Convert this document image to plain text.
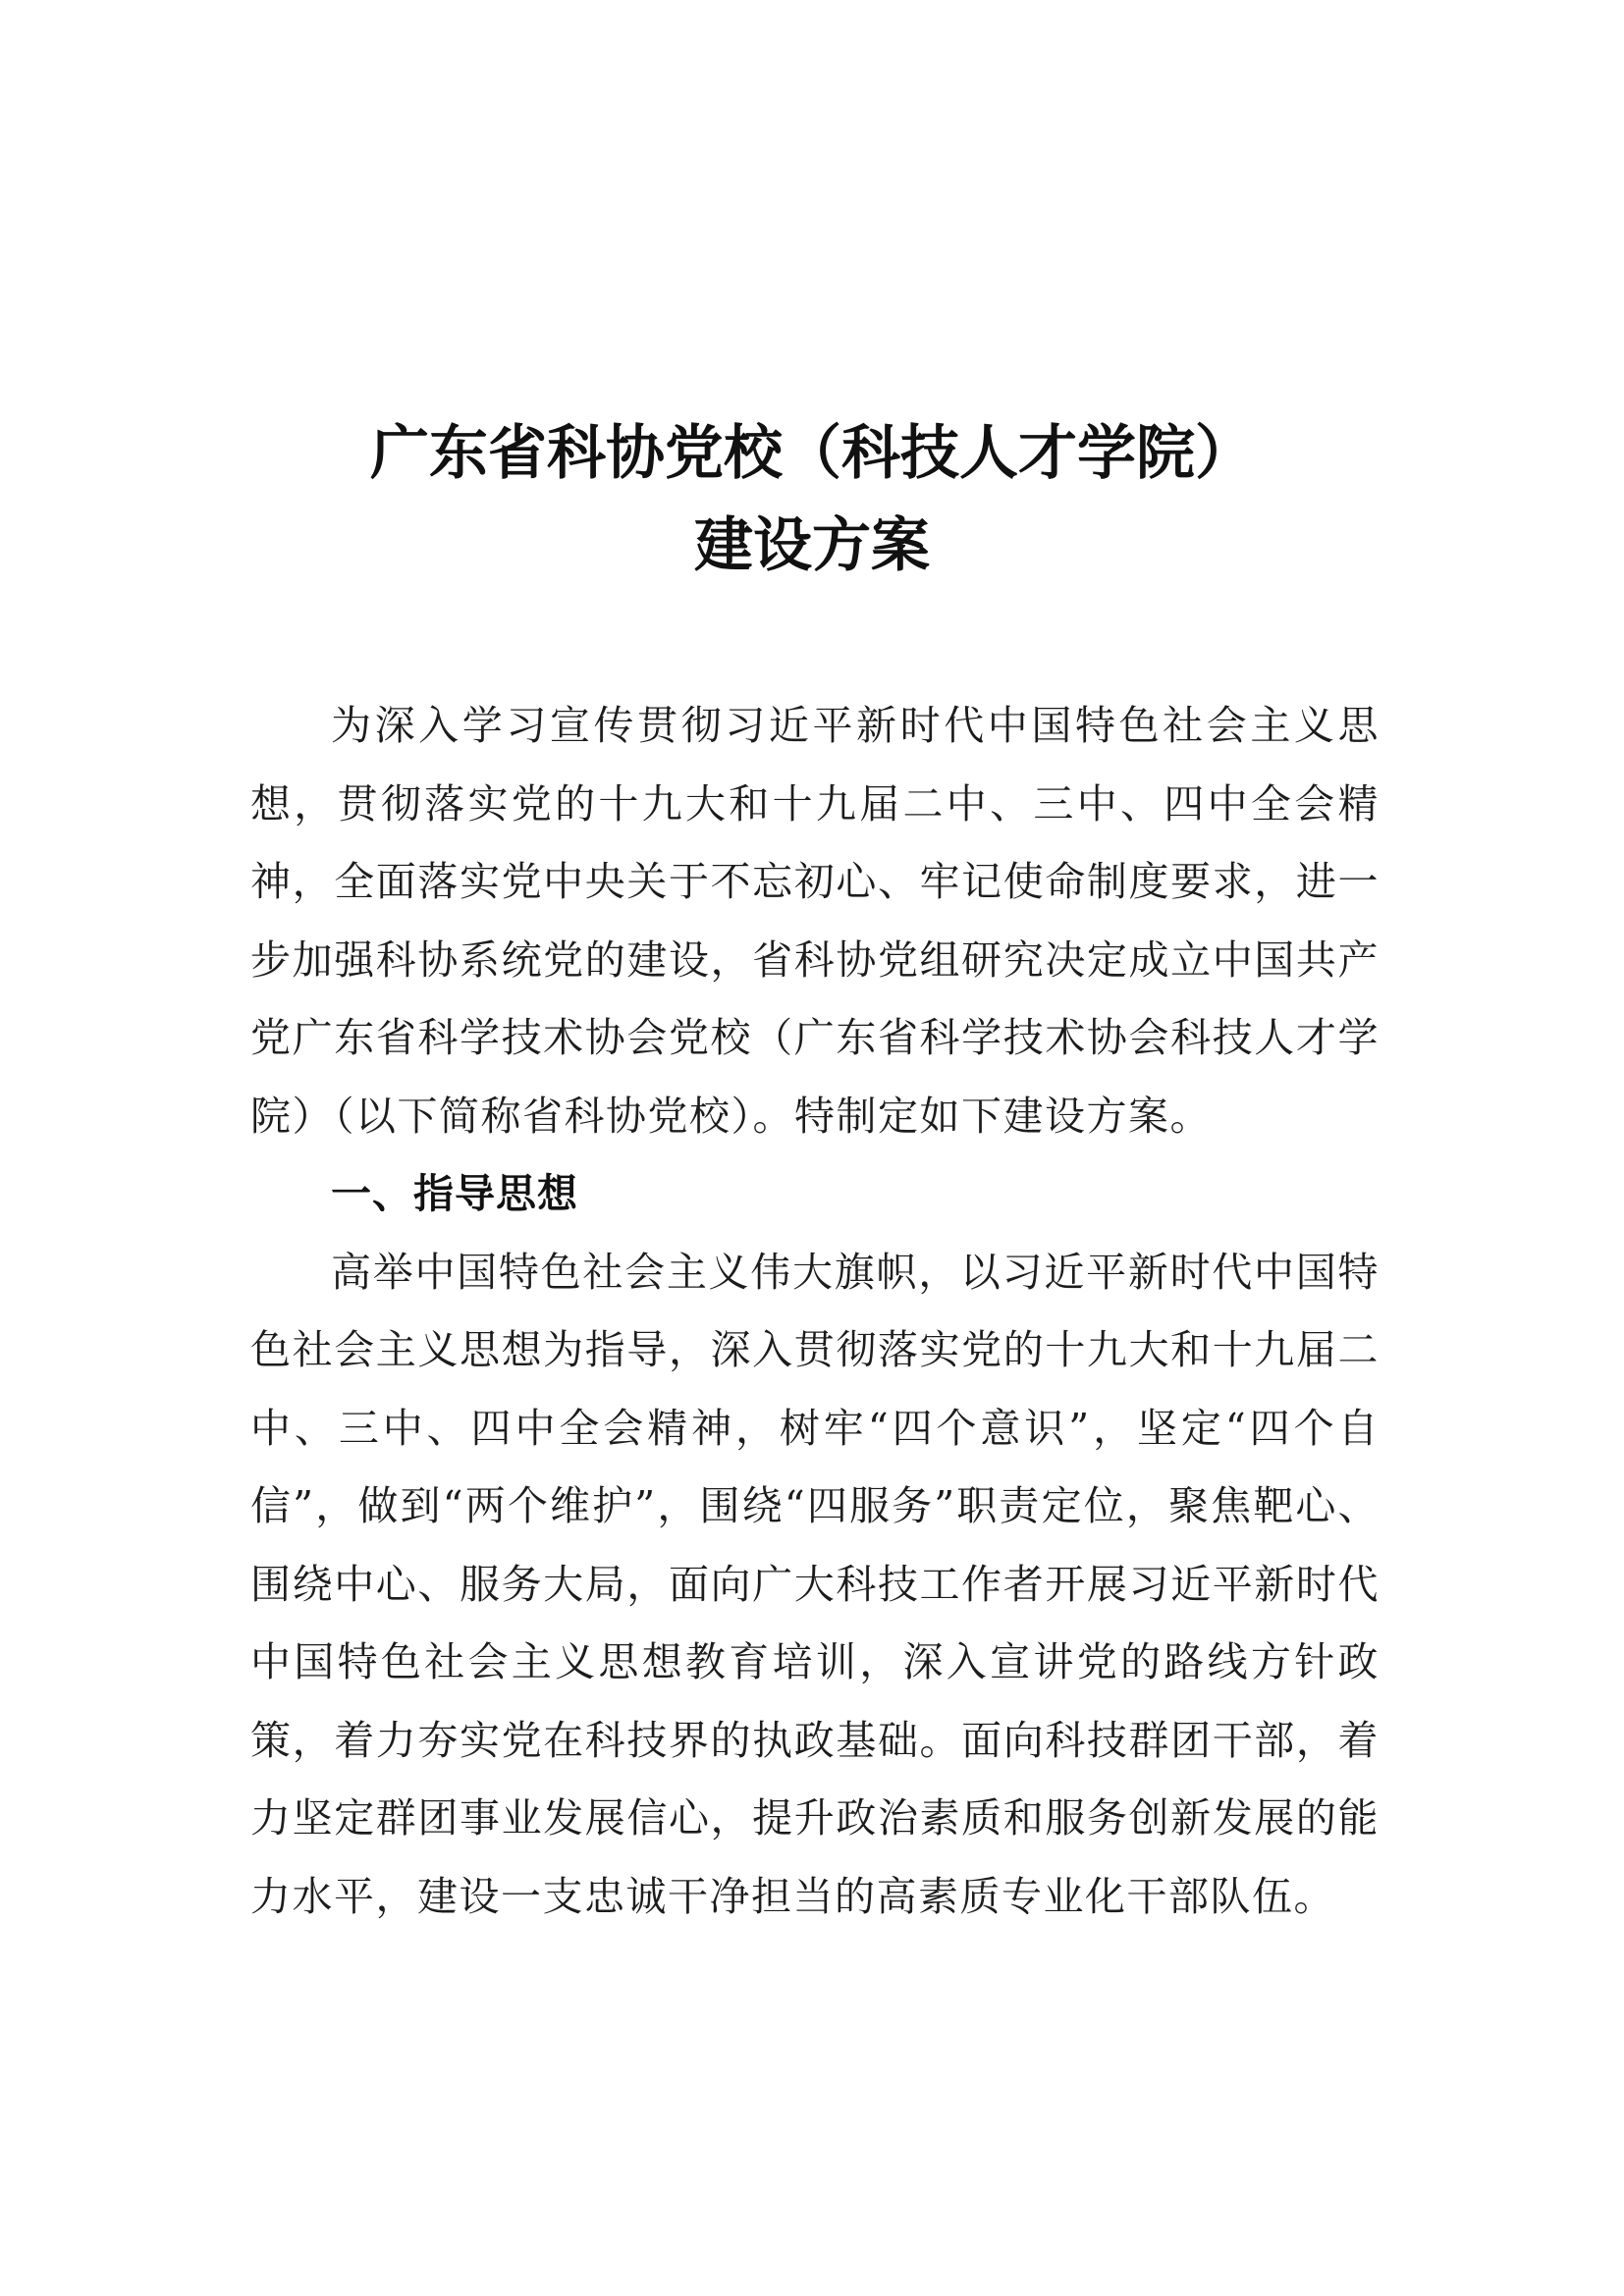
广东省科协党校（科技人才学院）
建设方案

为深入学习宣传贯彻习近平新时代中国特色社会主义思想，贯彻落实党的十九大和十九届二中、三中、四中全会精神，全面落实党中央关于不忘初心、牢记使命制度要求，进一步加强科协系统党的建设，省科协党组研究决定成立中国共产党广东省科学技术协会党校（广东省科学技术协会科技人才学院）（以下简称省科协党校）。特制定如下建设方案。

一、指导思想

高举中国特色社会主义伟大旗帜，以习近平新时代中国特色社会主义思想为指导，深入贯彻落实党的十九大和十九届二中、三中、四中全会精神，树牢“四个意识”，坚定“四个自信”，做到“两个维护”，围绕“四服务”职责定位，聚焦靶心、围绕中心、服务大局，面向广大科技工作者开展习近平新时代中国特色社会主义思想教育培训，深入宣讲党的路线方针政策，着力夯实党在科技界的执政基础。面向科技群团干部，着力坚定群团事业发展信心，提升政治素质和服务创新发展的能力水平，建设一支忠诚干净担当的高素质专业化干部队伍。
